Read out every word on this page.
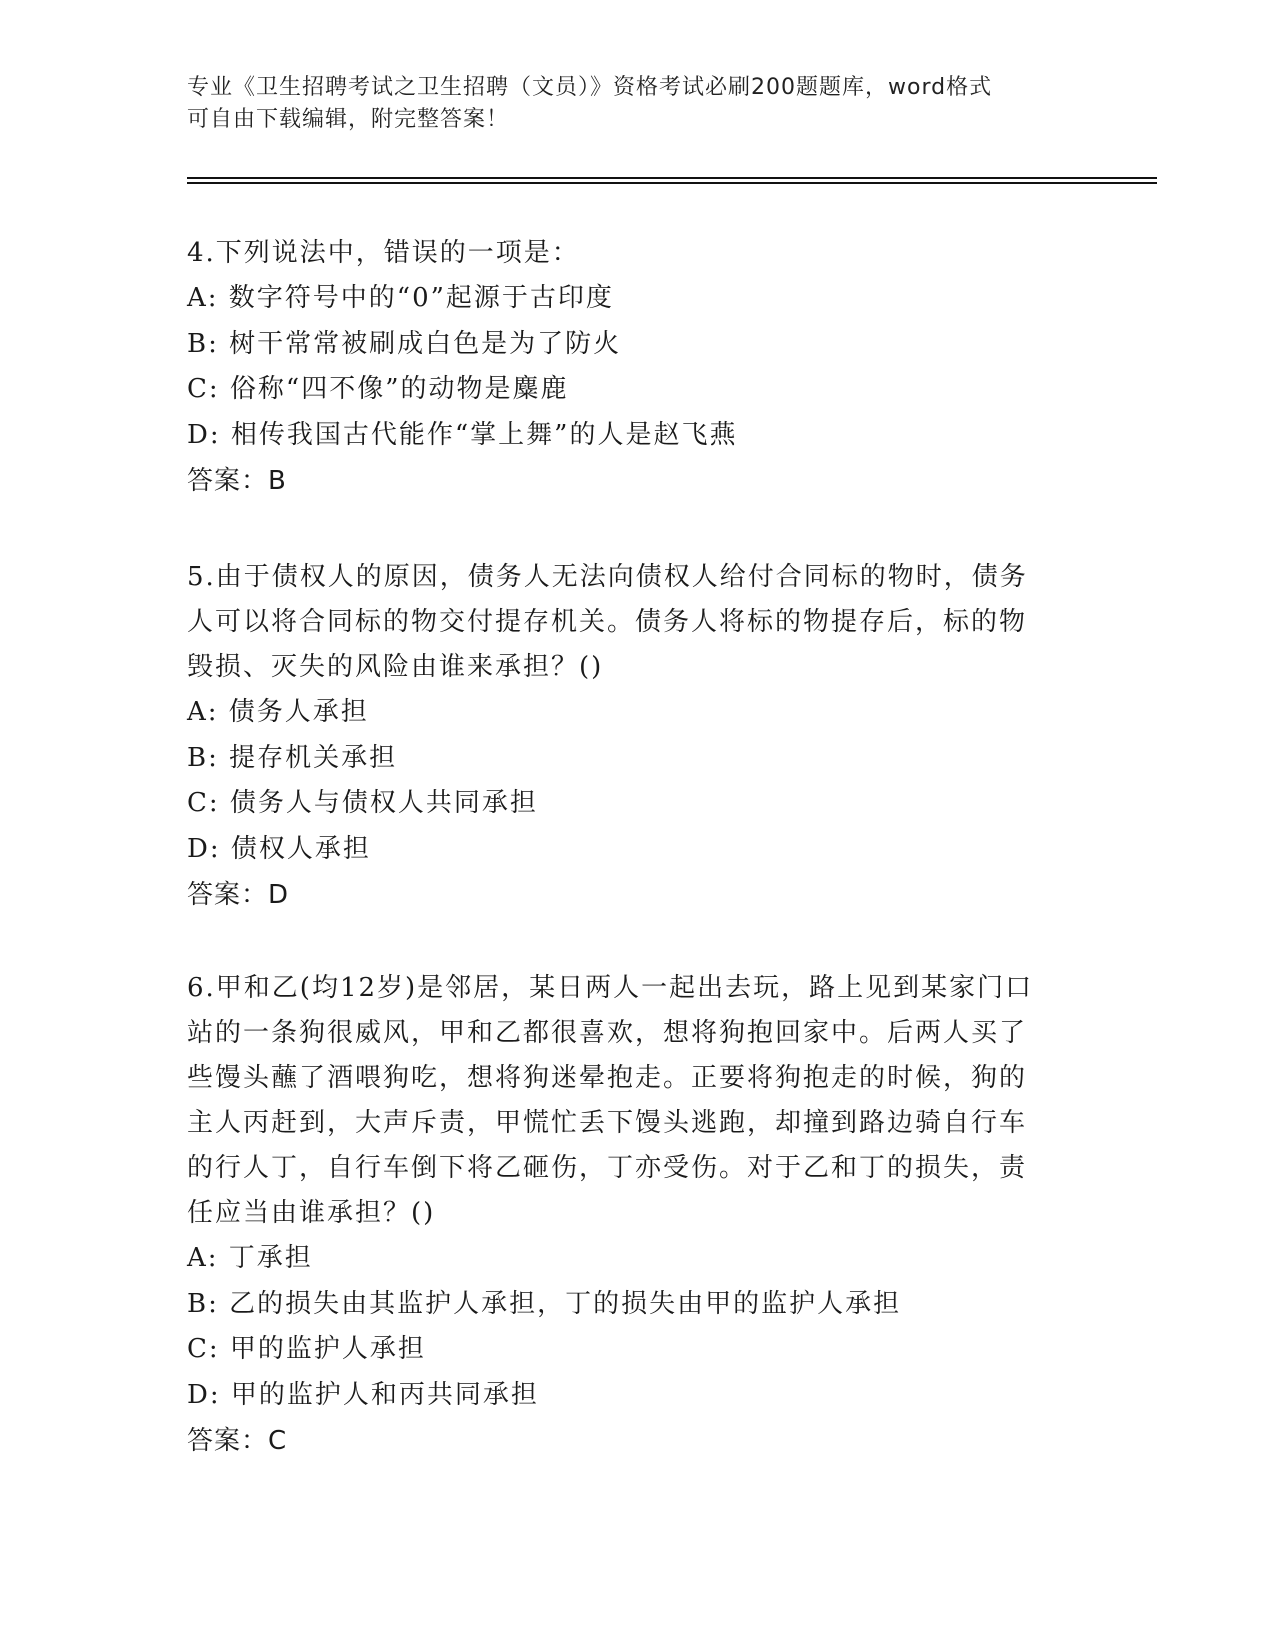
专业《卫生招聘考试之卫生招聘（文员）》资格考试必刷200题题库，word格式
可自由下载编辑，附完整答案！

4.下列说法中，错误的一项是：

A: 数字符号中的“0”起源于古印度

B: 树干常常被刷成白色是为了防火

C: 俗称“四不像”的动物是麋鹿

D: 相传我国古代能作“掌上舞”的人是赵飞燕

答案：B

5.由于债权人的原因，债务人无法向债权人给付合同标的物时，债务

人可以将合同标的物交付提存机关。债务人将标的物提存后，标的物

毁损、灭失的风险由谁来承担？()

A: 债务人承担

B: 提存机关承担

C: 债务人与债权人共同承担

D: 债权人承担

答案：D

6.甲和乙(均12岁)是邻居，某日两人一起出去玩，路上见到某家门口

站的一条狗很威风，甲和乙都很喜欢，想将狗抱回家中。后两人买了

些馒头蘸了酒喂狗吃，想将狗迷晕抱走。正要将狗抱走的时候，狗的

主人丙赶到，大声斥责，甲慌忙丢下馒头逃跑，却撞到路边骑自行车

的行人丁，自行车倒下将乙砸伤，丁亦受伤。对于乙和丁的损失，责

任应当由谁承担？()

A: 丁承担

B: 乙的损失由其监护人承担，丁的损失由甲的监护人承担

C: 甲的监护人承担

D: 甲的监护人和丙共同承担

答案：C
